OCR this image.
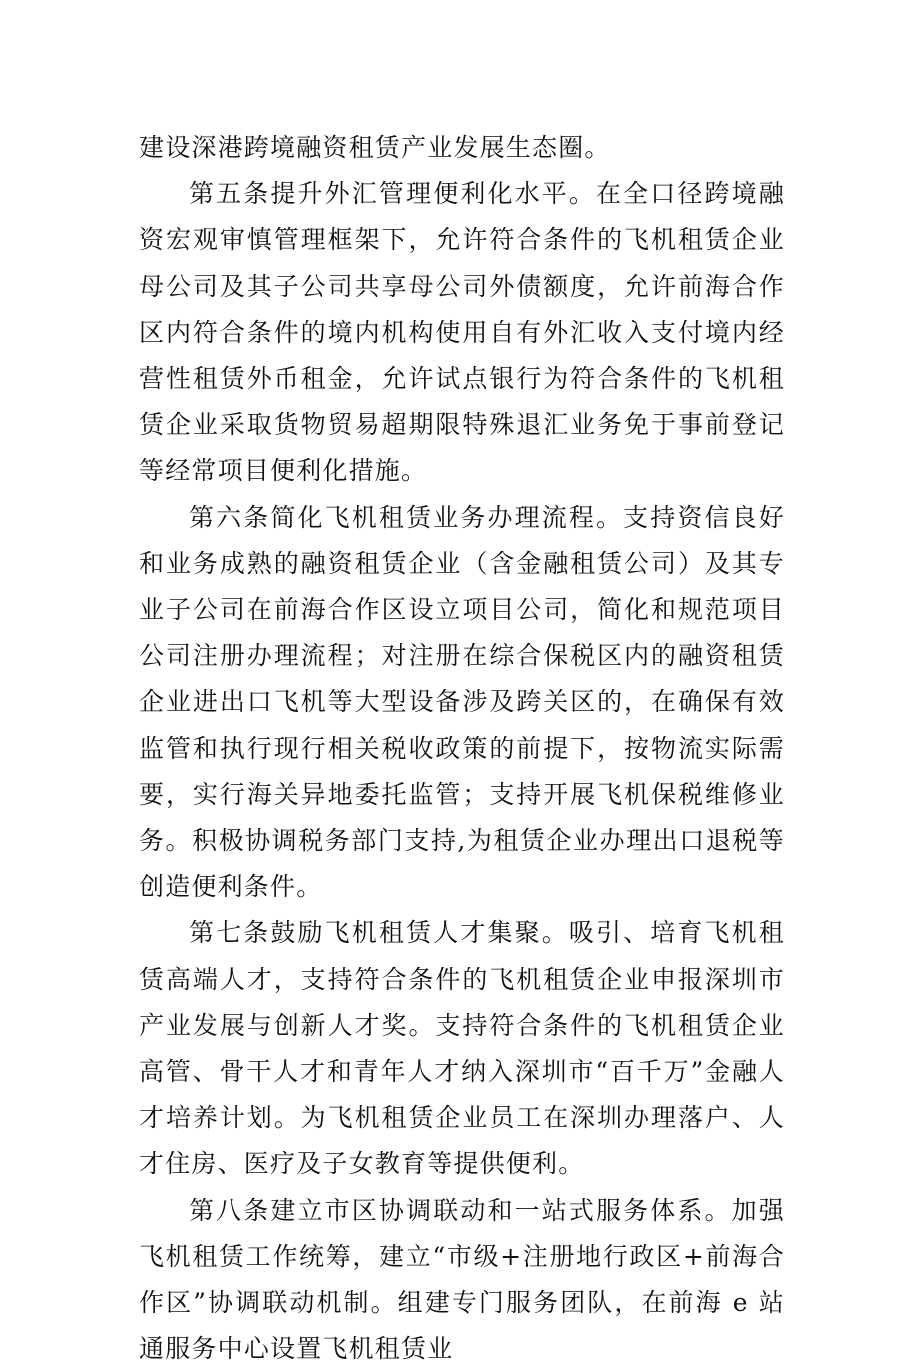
建设深港跨境融资租赁产业发展生态圈。

第五条提升外汇管理便利化水平。在全口径跨境融资宏观审慎管理框架下，允许符合条件的飞机租赁企业母公司及其子公司共享母公司外债额度，允许前海合作区内符合条件的境内机构使用自有外汇收入支付境内经营性租赁外币租金，允许试点银行为符合条件的飞机租赁企业采取货物贸易超期限特殊退汇业务免于事前登记等经常项目便利化措施。

第六条简化飞机租赁业务办理流程。支持资信良好和业务成熟的融资租赁企业（含金融租赁公司）及其专业子公司在前海合作区设立项目公司，简化和规范项目公司注册办理流程；对注册在综合保税区内的融资租赁企业进出口飞机等大型设备涉及跨关区的，在确保有效监管和执行现行相关税收政策的前提下，按物流实际需要，实行海关异地委托监管；支持开展飞机保税维修业务。积极协调税务部门支持,为租赁企业办理出口退税等创造便利条件。

第七条鼓励飞机租赁人才集聚。吸引、培育飞机租赁高端人才，支持符合条件的飞机租赁企业申报深圳市产业发展与创新人才奖。支持符合条件的飞机租赁企业高管、骨干人才和青年人才纳入深圳市“百千万”金融人才培养计划。为飞机租赁企业员工在深圳办理落户、人才住房、医疗及子女教育等提供便利。

第八条建立市区协调联动和一站式服务体系。加强飞机租赁工作统筹，建立“市级+注册地行政区+前海合作区”协调联动机制。组建专门服务团队，在前海 e 站通服务中心设置飞机租赁业
